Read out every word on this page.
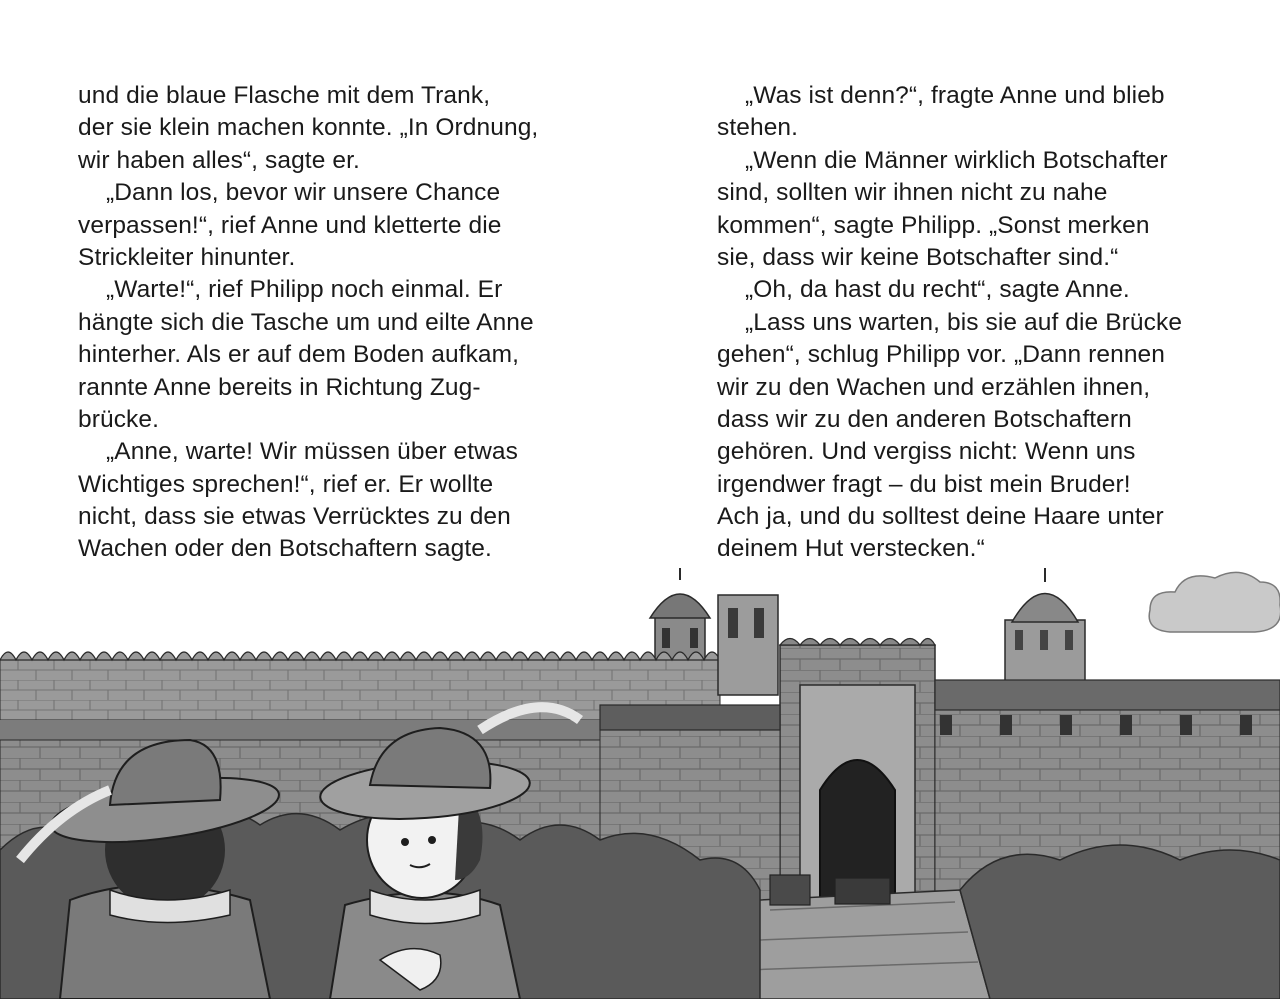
und die blaue Flasche mit dem Trank,
der sie klein machen konnte. „In Ordnung,
wir haben alles“, sagte er.
„Dann los, bevor wir unsere Chance
verpassen!“, rief Anne und kletterte die
Strickleiter hinunter.
„Warte!“, rief Philipp noch einmal. Er
hängte sich die Tasche um und eilte Anne
hinterher. Als er auf dem Boden aufkam,
rannte Anne bereits in Richtung Zug-
brücke.
„Anne, warte! Wir müssen über etwas
Wichtiges sprechen!“, rief er. Er wollte
nicht, dass sie etwas Verrücktes zu den
Wachen oder den Botschaftern sagte.
„Was ist denn?“, fragte Anne und blieb
stehen.
„Wenn die Männer wirklich Botschafter
sind, sollten wir ihnen nicht zu nahe
kommen“, sagte Philipp. „Sonst merken
sie, dass wir keine Botschafter sind.“
„Oh, da hast du recht“, sagte Anne.
„Lass uns warten, bis sie auf die Brücke
gehen“, schlug Philipp vor. „Dann rennen
wir zu den Wachen und erzählen ihnen,
dass wir zu den anderen Botschaftern
gehören. Und vergiss nicht: Wenn uns
irgendwer fragt – du bist mein Bruder!
Ach ja, und du solltest deine Haare unter
deinem Hut verstecken.“
